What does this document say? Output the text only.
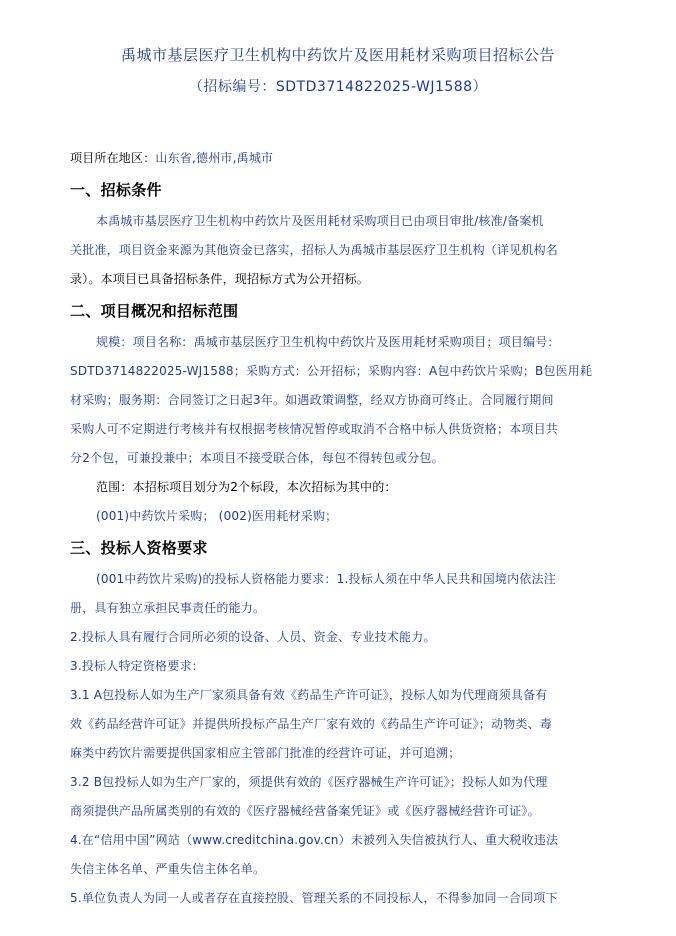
禹城市基层医疗卫生机构中药饮片及医用耗材采购项目招标公告
（招标编号：SDTD3714822025-WJ1588）
项目所在地区：山东省,德州市,禹城市
一、招标条件
本禹城市基层医疗卫生机构中药饮片及医用耗材采购项目已由项目审批/核准/备案机
关批准，项目资金来源为其他资金已落实，招标人为禹城市基层医疗卫生机构（详见机构名
录）。本项目已具备招标条件，现招标方式为公开招标。
二、项目概况和招标范围
规模：项目名称：禹城市基层医疗卫生机构中药饮片及医用耗材采购项目；项目编号：
SDTD3714822025-WJ1588；采购方式：公开招标；采购内容：A包中药饮片采购；B包医用耗
材采购；服务期：合同签订之日起3年。如遇政策调整，经双方协商可终止。合同履行期间
采购人可不定期进行考核并有权根据考核情况暂停或取消不合格中标人供货资格；本项目共
分2个包，可兼投兼中；本项目不接受联合体，每包不得转包或分包。
范围：本招标项目划分为2个标段，本次招标为其中的：
(001)中药饮片采购； (002)医用耗材采购；
三、投标人资格要求
(001中药饮片采购)的投标人资格能力要求：1.投标人须在中华人民共和国境内依法注
册，具有独立承担民事责任的能力。
2.投标人具有履行合同所必须的设备、人员、资金、专业技术能力。
3.投标人特定资格要求：
3.1 A包投标人如为生产厂家须具备有效《药品生产许可证》，投标人如为代理商须具备有
效《药品经营许可证》并提供所投标产品生产厂家有效的《药品生产许可证》；动物类、毒
麻类中药饮片需要提供国家相应主管部门批准的经营许可证，并可追溯；
3.2 B包投标人如为生产厂家的，须提供有效的《医疗器械生产许可证》；投标人如为代理
商须提供产品所属类别的有效的《医疗器械经营备案凭证》或《医疗器械经营许可证》。
4.在“信用中国”网站（www.creditchina.gov.cn）未被列入失信被执行人、重大税收违法
失信主体名单、严重失信主体名单。
5.单位负责人为同一人或者存在直接控股、管理关系的不同投标人，不得参加同一合同项下
